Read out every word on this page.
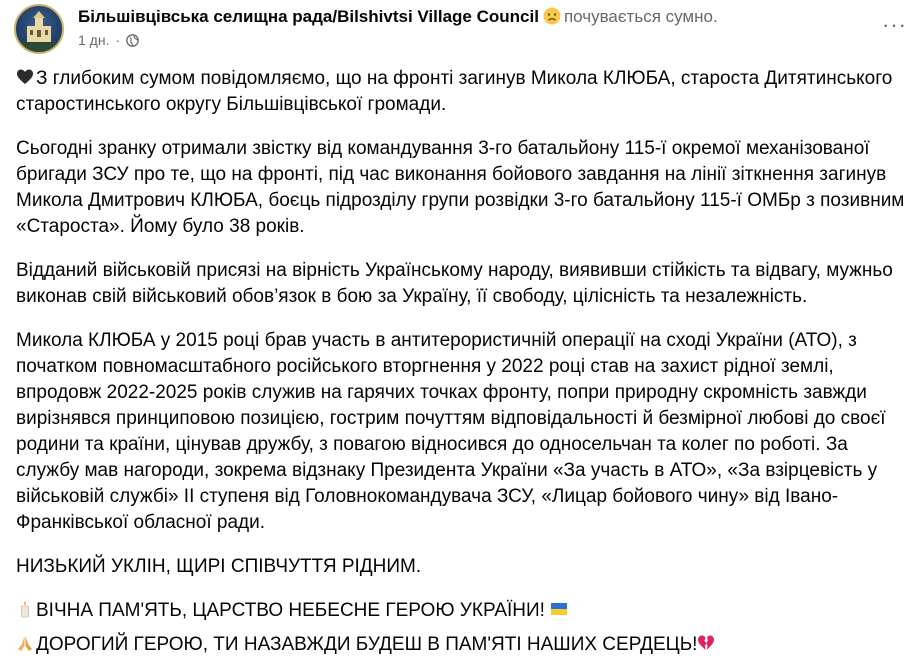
Більшівцівська селищна рада/Bilshivtsi Village Council почувається сумно.
1 дн. ·
···

З глибоким сумом повідомляємо, що на фронті загинув Микола КЛЮБА, староста Дитятинського старостинського округу Більшівцівської громади.

Сьогодні зранку отримали звістку від командування 3-го батальйону 115-ї окремої механізованої бригади ЗСУ про те, що на фронті, під час виконання бойового завдання на лінії зіткнення загинув Микола Дмитрович КЛЮБА, боєць підрозділу групи розвідки 3-го батальйону 115-ї ОМБр з позивним «Староста». Йому було 38 років.

Відданий військовій присязі на вірність Українському народу, виявивши стійкість та відвагу, мужньо виконав свій військовий обов’язок в бою за Україну, її свободу, цілісність та незалежність.

Микола КЛЮБА у 2015 році брав участь в антитерористичній операції на сході України (АТО), з початком повномасштабного російського вторгнення у 2022 році став на захист рідної землі, впродовж 2022-2025 років служив на гарячих точках фронту, попри природну скромність завжди вирізнявся принциповою позицією, гострим почуттям відповідальності й безмірної любові до своєї родини та країни, цінував дружбу, з повагою відносився до односельчан та колег по роботі. За службу мав нагороди, зокрема відзнаку Президента України «За участь в АТО», «За взірцевість у військовій службі» ІІ ступеня від Головнокомандувача ЗСУ, «Лицар бойового чину» від Івано-Франківської обласної ради.

НИЗЬКИЙ УКЛІН, ЩИРІ СПІВЧУТТЯ РІДНИМ.

ВІЧНА ПАМ'ЯТЬ, ЦАРСТВО НЕБЕСНЕ ГЕРОЮ УКРАЇНИ!

ДОРОГИЙ ГЕРОЮ, ТИ НАЗАВЖДИ БУДЕШ В ПАМ'ЯТІ НАШИХ СЕРДЕЦЬ!
